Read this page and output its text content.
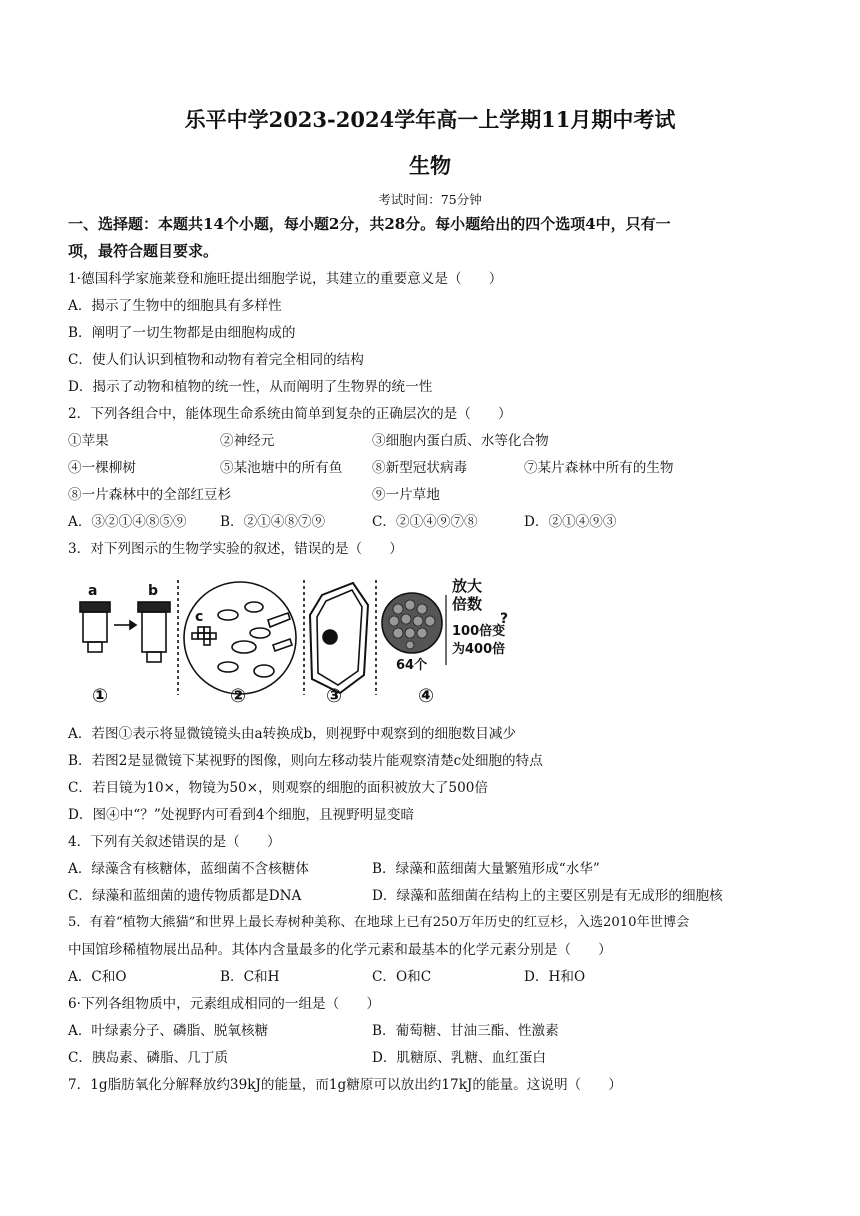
乐平中学2023-2024学年高一上学期11月期中考试
生物
考试时间：75分钟
一、选择题：本题共14个小题，每小题2分，共28分。每小题给出的四个选项4中，只有一
项，最符合题目要求。
1·德国科学家施莱登和施旺提出细胞学说，其建立的重要意义是（　　）
A．揭示了生物中的细胞具有多样性
B．阐明了一切生物都是由细胞构成的
C．使人们认识到植物和动物有着完全相同的结构
D．揭示了动物和植物的统一性，从而阐明了生物界的统一性
2．下列各组合中，能体现生命系统由简单到复杂的正确层次的是（　　）
①苹果	②神经元	③细胞内蛋白质、水等化合物
④一棵柳树	⑤某池塘中的所有鱼 ⑧新型冠状病毒	⑦某片森林中所有的生物
⑧一片森林中的全部红豆杉	⑨一片草地
A．③②①④⑧⑤⑨ B．②①④⑧⑦⑨	C．②①④⑨⑦⑧	D．②①④⑨③
3．对下列图示的生物学实验的叙述，错误的是（　　）
a	b
c
①	②	③	④
放大
倍数
100倍变
为400倍
64个
?
A．若图①表示将显微镜镜头由a转换成b，则视野中观察到的细胞数目减少
B．若图2是显微镜下某视野的图像，则向左移动装片能观察清楚c处细胞的特点
C．若目镜为10×，物镜为50×，则观察的细胞的面积被放大了500倍
D．图④中“？”处视野内可看到4个细胞，且视野明显变暗
4．下列有关叙述错误的是（　　）
A．绿藻含有核糖体，蓝细菌不含核糖体	B．绿藻和蓝细菌大量繁殖形成“水华”
C．绿藻和蓝细菌的遗传物质都是DNA	D．绿藻和蓝细菌在结构上的主要区别是有无成形的细胞核
5．有着“植物大熊猫”和世界上最长寿树种美称、在地球上已有250万年历史的红豆杉，入选2010年世博会
中国馆珍稀植物展出品种。其体内含量最多的化学元素和最基本的化学元素分别是（　　）
A．C和O	B．C和H	C．O和C	D．H和O
6·下列各组物质中，元素组成相同的一组是（　　）
A．叶绿素分子、磷脂、脱氧核糖	B．葡萄糖、甘油三酯、性激素
C．胰岛素、磷脂、几丁质	D．肌糖原、乳糖、血红蛋白
7．1g脂肪氧化分解释放约39kJ的能量，而1g糖原可以放出约17kJ的能量。这说明（　　）
